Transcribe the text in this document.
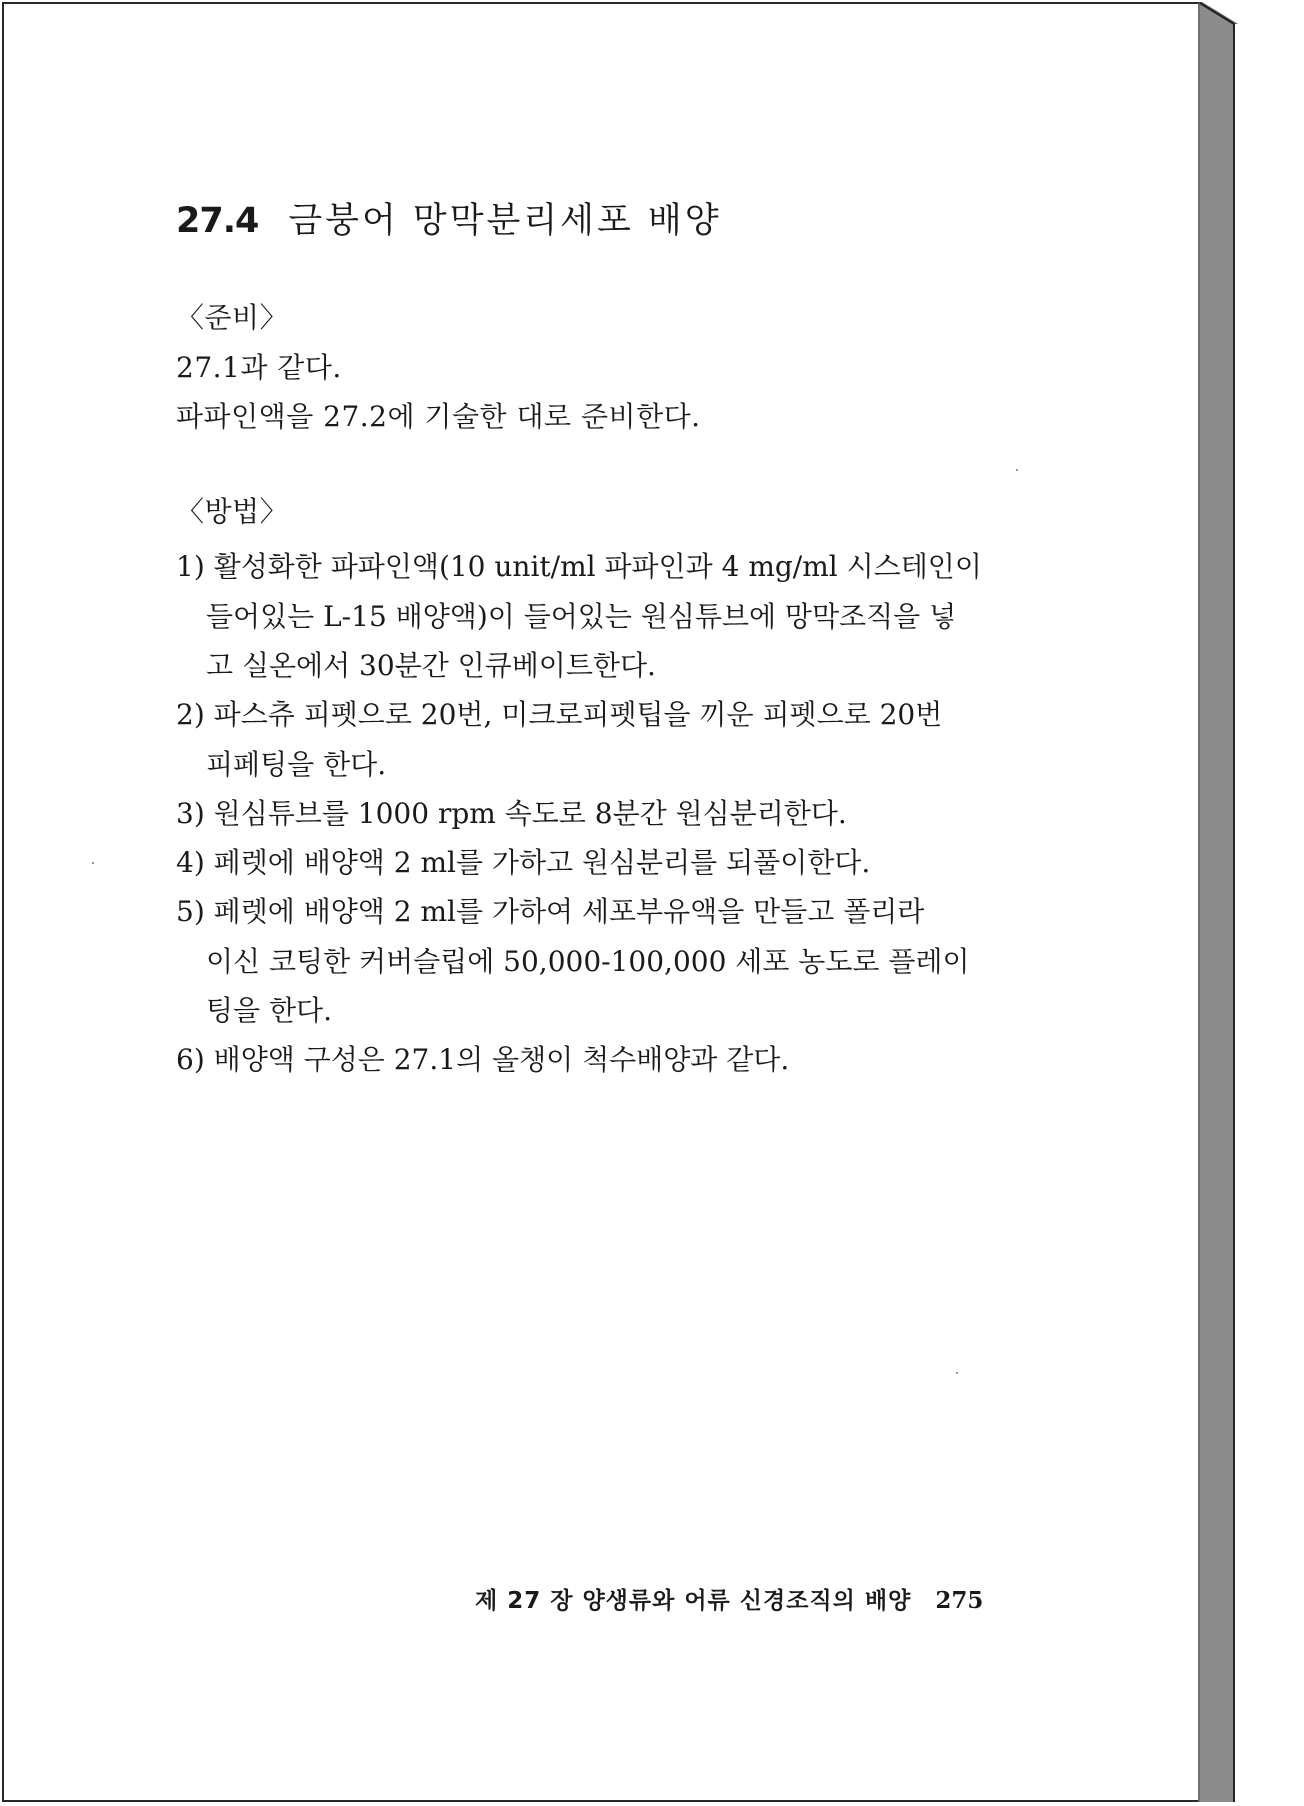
27.4 금붕어 망막분리세포 배양
〈준비〉
27.1과 같다.
파파인액을 27.2에 기술한 대로 준비한다.
〈방법〉
1) 활성화한 파파인액(10 unit/ml 파파인과 4 mg/ml 시스테인이
들어있는 L-15 배양액)이 들어있는 원심튜브에 망막조직을 넣
고 실온에서 30분간 인큐베이트한다.
2) 파스츄 피펫으로 20번, 미크로피펫팁을 끼운 피펫으로 20번
피페팅을 한다.
3) 원심튜브를 1000 rpm 속도로 8분간 원심분리한다.
4) 페렛에 배양액 2 ml를 가하고 원심분리를 되풀이한다.
5) 페렛에 배양액 2 ml를 가하여 세포부유액을 만들고 폴리라
이신 코팅한 커버슬립에 50,000-100,000 세포 농도로 플레이
팅을 한다.
6) 배양액 구성은 27.1의 올챙이 척수배양과 같다.
제 27 장 양생류와 어류 신경조직의 배양 275
